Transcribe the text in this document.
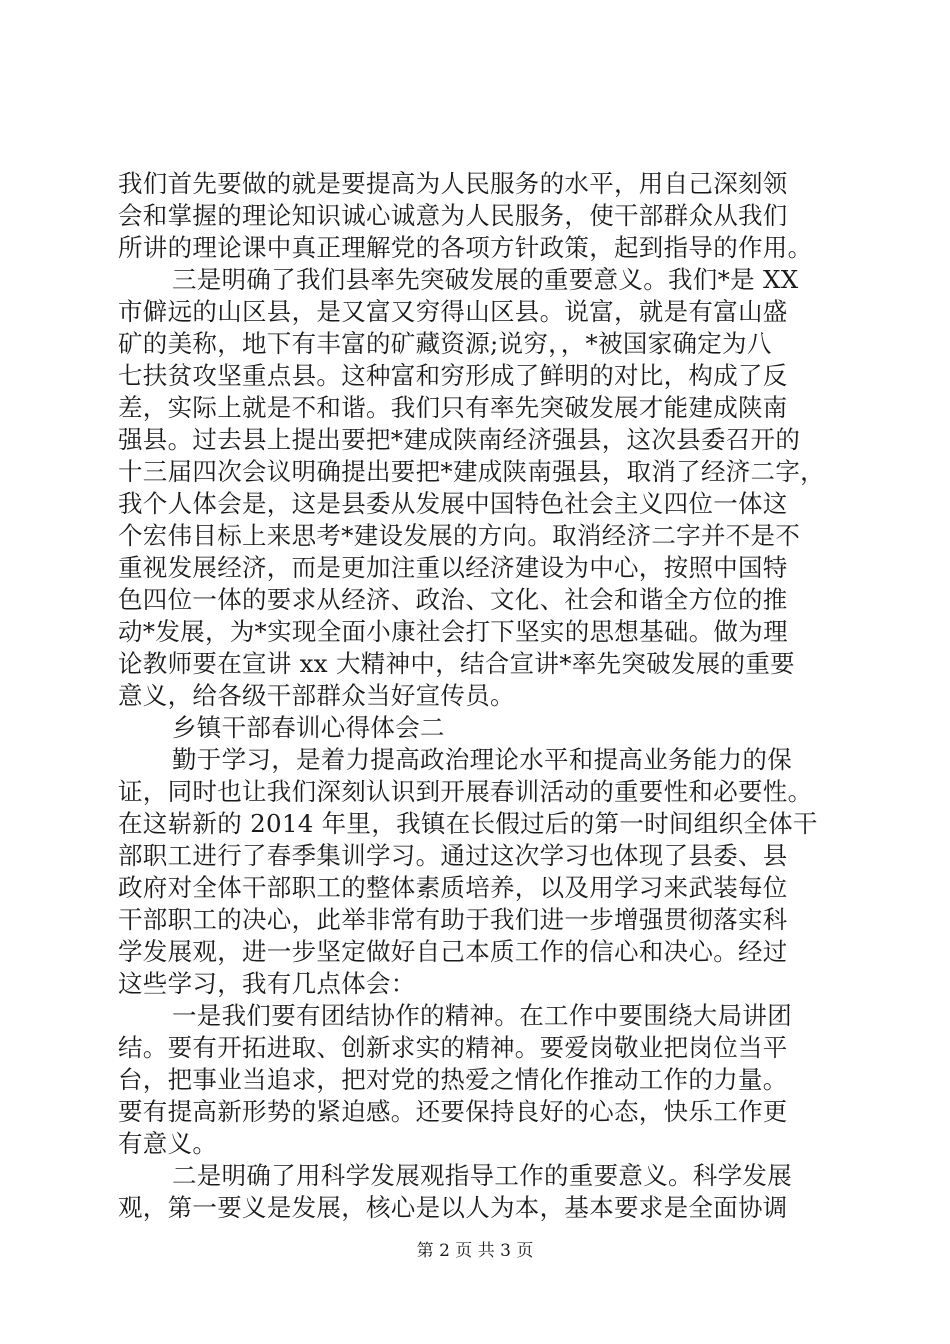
我们首先要做的就是要提高为人民服务的水平，用自己深刻领
会和掌握的理论知识诚心诚意为人民服务，使干部群众从我们
所讲的理论课中真正理解党的各项方针政策，起到指导的作用。
三是明确了我们县率先突破发展的重要意义。我们*是 XX
市僻远的山区县，是又富又穷得山区县。说富，就是有富山盛
矿的美称，地下有丰富的矿藏资源;说穷，，*被国家确定为八
七扶贫攻坚重点县。这种富和穷形成了鲜明的对比，构成了反
差，实际上就是不和谐。我们只有率先突破发展才能建成陕南
强县。过去县上提出要把*建成陕南经济强县，这次县委召开的
十三届四次会议明确提出要把*建成陕南强县，取消了经济二字，
我个人体会是，这是县委从发展中国特色社会主义四位一体这
个宏伟目标上来思考*建设发展的方向。取消经济二字并不是不
重视发展经济，而是更加注重以经济建设为中心，按照中国特
色四位一体的要求从经济、政治、文化、社会和谐全方位的推
动*发展，为*实现全面小康社会打下坚实的思想基础。做为理
论教师要在宣讲 xx 大精神中，结合宣讲*率先突破发展的重要
意义，给各级干部群众当好宣传员。
乡镇干部春训心得体会二
勤于学习，是着力提高政治理论水平和提高业务能力的保
证，同时也让我们深刻认识到开展春训活动的重要性和必要性。
在这崭新的 2014 年里，我镇在长假过后的第一时间组织全体干
部职工进行了春季集训学习。通过这次学习也体现了县委、县
政府对全体干部职工的整体素质培养，以及用学习来武装每位
干部职工的决心，此举非常有助于我们进一步增强贯彻落实科
学发展观，进一步坚定做好自己本质工作的信心和决心。经过
这些学习，我有几点体会：
一是我们要有团结协作的精神。在工作中要围绕大局讲团
结。要有开拓进取、创新求实的精神。要爱岗敬业把岗位当平
台，把事业当追求，把对党的热爱之情化作推动工作的力量。
要有提高新形势的紧迫感。还要保持良好的心态，快乐工作更
有意义。
二是明确了用科学发展观指导工作的重要意义。科学发展
观，第一要义是发展，核心是以人为本，基本要求是全面协调
第 2 页 共 3 页
